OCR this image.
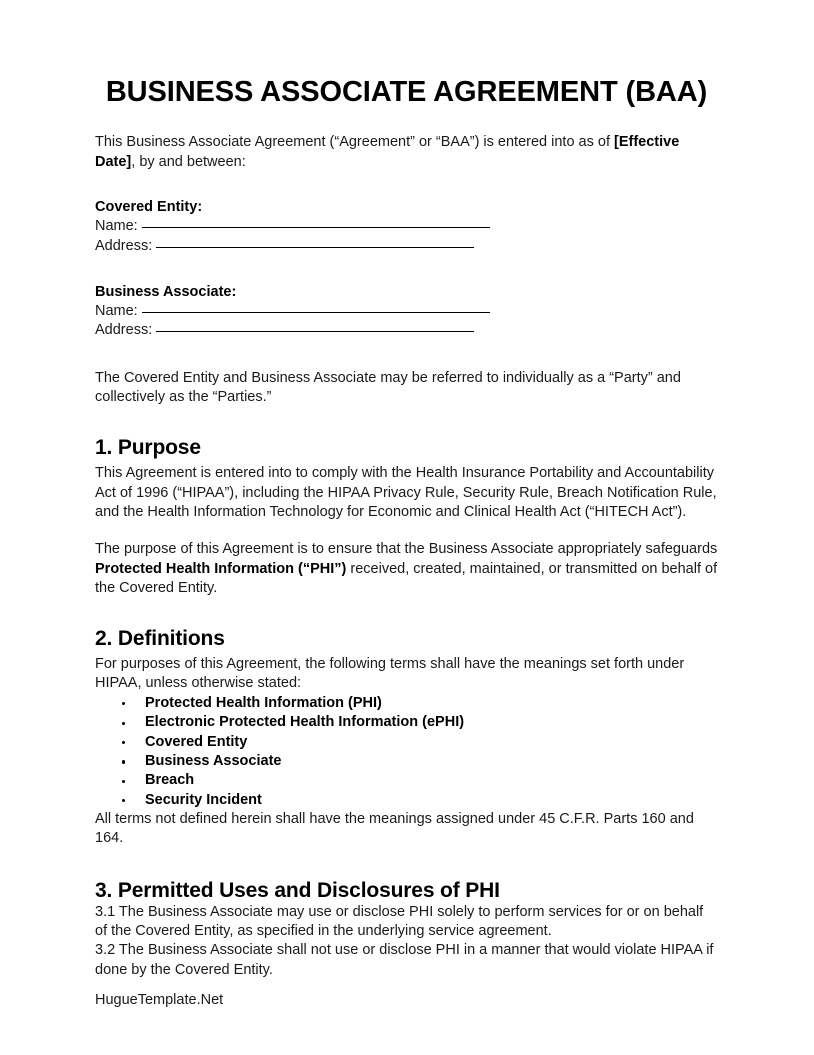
BUSINESS ASSOCIATE AGREEMENT (BAA)

This Business Associate Agreement (“Agreement” or “BAA”) is entered into as of [Effective Date], by and between:

Covered Entity:

Name:
Address:

Business Associate:

Name:
Address:

The Covered Entity and Business Associate may be referred to individually as a “Party” and collectively as the “Parties.”

1. Purpose

This Agreement is entered into to comply with the Health Insurance Portability and Accountability Act of 1996 (“HIPAA”), including the HIPAA Privacy Rule, Security Rule, Breach Notification Rule, and the Health Information Technology for Economic and Clinical Health Act (“HITECH Act”).

The purpose of this Agreement is to ensure that the Business Associate appropriately safeguards Protected Health Information (“PHI”) received, created, maintained, or transmitted on behalf of the Covered Entity.

2. Definitions

For purposes of this Agreement, the following terms shall have the meanings set forth under HIPAA, unless otherwise stated:

Protected Health Information (PHI)
Electronic Protected Health Information (ePHI)
Covered Entity
Business Associate
Breach
Security Incident

All terms not defined herein shall have the meanings assigned under 45 C.F.R. Parts 160 and 164.

3. Permitted Uses and Disclosures of PHI

3.1 The Business Associate may use or disclose PHI solely to perform services for or on behalf of the Covered Entity, as specified in the underlying service agreement.

3.2 The Business Associate shall not use or disclose PHI in a manner that would violate HIPAA if done by the Covered Entity.

HugueTemplate.Net
